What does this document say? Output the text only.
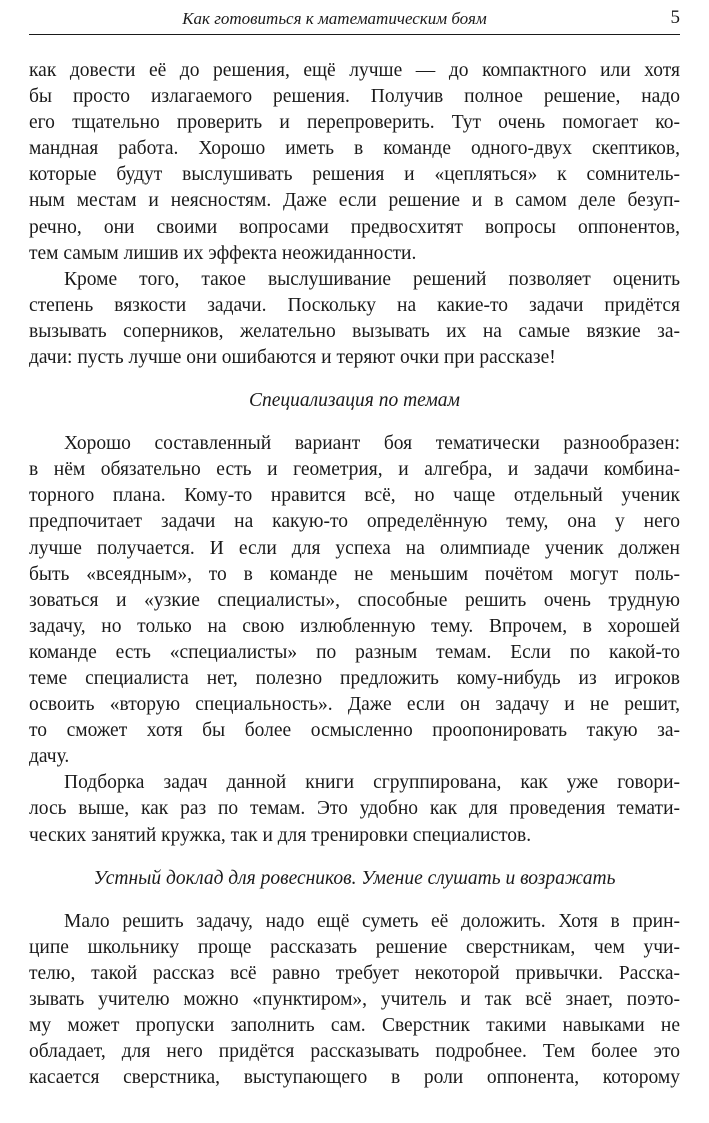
Как готовиться к математическим боям	5
как довести её до решения, ещё лучше — до компактного или хотя
бы просто излагаемого решения. Получив полное решение, надо
его тщательно проверить и перепроверить. Тут очень помогает ко-
мандная работа. Хорошо иметь в команде одного-двух скептиков,
которые будут выслушивать решения и «цепляться» к сомнитель-
ным местам и неясностям. Даже если решение и в самом деле безуп-
речно, они своими вопросами предвосхитят вопросы оппонентов,
тем самым лишив их эффекта неожиданности.
Кроме того, такое выслушивание решений позволяет оценить
степень вязкости задачи. Поскольку на какие-то задачи придётся
вызывать соперников, желательно вызывать их на самые вязкие за-
дачи: пусть лучше они ошибаются и теряют очки при рассказе!
Специализация по темам
Хорошо составленный вариант боя тематически разнообразен:
в нём обязательно есть и геометрия, и алгебра, и задачи комбина-
торного плана. Кому-то нравится всё, но чаще отдельный ученик
предпочитает задачи на какую-то определённую тему, она у него
лучше получается. И если для успеха на олимпиаде ученик должен
быть «всеядным», то в команде не меньшим почётом могут поль-
зоваться и «узкие специалисты», способные решить очень трудную
задачу, но только на свою излюбленную тему. Впрочем, в хорошей
команде есть «специалисты» по разным темам. Если по какой-то
теме специалиста нет, полезно предложить кому-нибудь из игроков
освоить «вторую специальность». Даже если он задачу и не решит,
то сможет хотя бы более осмысленно проопонировать такую за-
дачу.
Подборка задач данной книги сгруппирована, как уже говори-
лось выше, как раз по темам. Это удобно как для проведения темати-
ческих занятий кружка, так и для тренировки специалистов.
Устный доклад для ровесников. Умение слушать и возражать
Мало решить задачу, надо ещё суметь её доложить. Хотя в прин-
ципе школьнику проще рассказать решение сверстникам, чем учи-
телю, такой рассказ всё равно требует некоторой привычки. Расска-
зывать учителю можно «пунктиром», учитель и так всё знает, поэто-
му может пропуски заполнить сам. Сверстник такими навыками не
обладает, для него придётся рассказывать подробнее. Тем более это
касается сверстника, выступающего в роли оппонента, которому
